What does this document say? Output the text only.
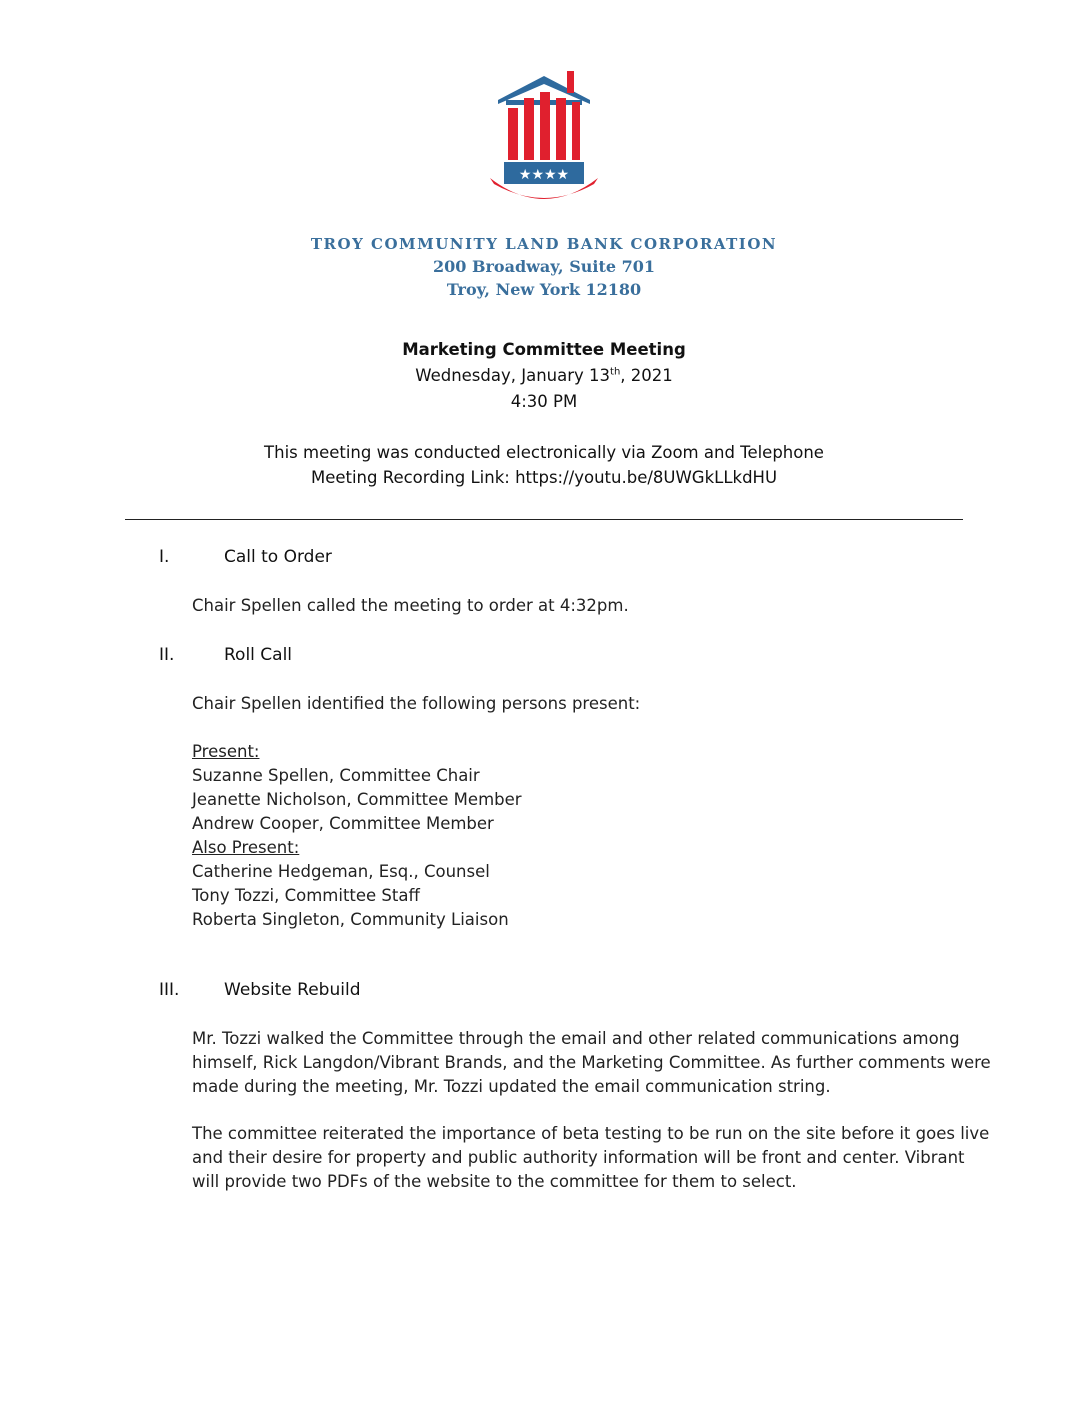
★★★★
TROY COMMUNITY LAND BANK CORPORATION
200 Broadway, Suite 701
Troy, New York 12180
Marketing Committee Meeting
Wednesday, January 13th, 2021
4:30 PM
This meeting was conducted electronically via Zoom and Telephone
Meeting Recording Link: https://youtu.be/8UWGkLLkdHU
I.	Call to Order
Chair Spellen called the meeting to order at 4:32pm.
II.	Roll Call
Chair Spellen identified the following persons present:
Present:
Suzanne Spellen, Committee Chair
Jeanette Nicholson, Committee Member
Andrew Cooper, Committee Member
Also Present:
Catherine Hedgeman, Esq., Counsel
Tony Tozzi, Committee Staff
Roberta Singleton, Community Liaison
III.	Website Rebuild
Mr. Tozzi walked the Committee through the email and other related communications among
himself, Rick Langdon/Vibrant Brands, and the Marketing Committee. As further comments were
made during the meeting, Mr. Tozzi updated the email communication string.
The committee reiterated the importance of beta testing to be run on the site before it goes live
and their desire for property and public authority information will be front and center. Vibrant
will provide two PDFs of the website to the committee for them to select.
